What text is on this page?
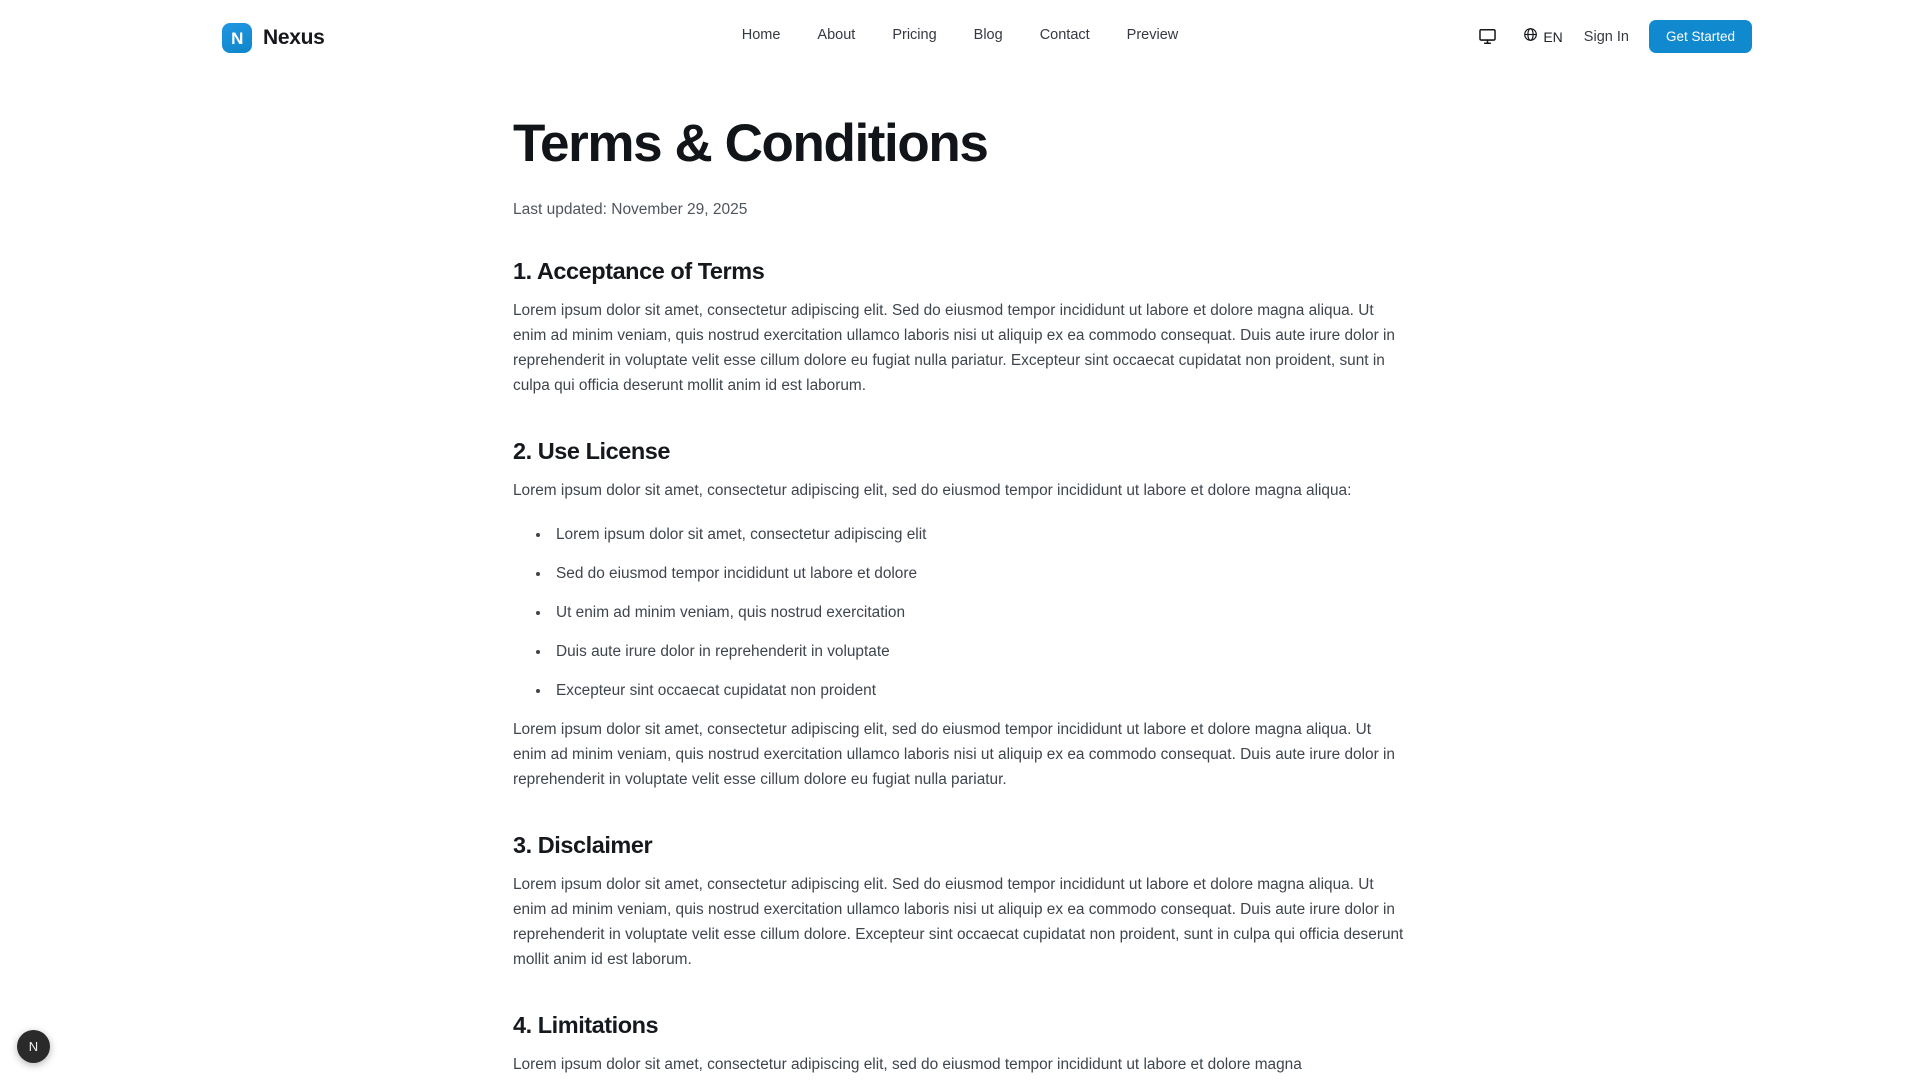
N Nexus	Home	About	Pricing	Blog	Contact	Preview	EN Sign In	Get Started
Terms & Conditions

Last updated: November 29, 2025

1. Acceptance of Terms

Lorem ipsum dolor sit amet, consectetur adipiscing elit. Sed do eiusmod tempor incididunt ut labore et dolore magna aliqua. Ut enim ad minim veniam, quis nostrud exercitation ullamco laboris nisi ut aliquip ex ea commodo consequat. Duis aute irure dolor in reprehenderit in voluptate velit esse cillum dolore eu fugiat nulla pariatur. Excepteur sint occaecat cupidatat non proident, sunt in culpa qui officia deserunt mollit anim id est laborum.

2. Use License

Lorem ipsum dolor sit amet, consectetur adipiscing elit, sed do eiusmod tempor incididunt ut labore et dolore magna aliqua:

Lorem ipsum dolor sit amet, consectetur adipiscing elit
Sed do eiusmod tempor incididunt ut labore et dolore
Ut enim ad minim veniam, quis nostrud exercitation
Duis aute irure dolor in reprehenderit in voluptate
Excepteur sint occaecat cupidatat non proident

Lorem ipsum dolor sit amet, consectetur adipiscing elit, sed do eiusmod tempor incididunt ut labore et dolore magna aliqua. Ut enim ad minim veniam, quis nostrud exercitation ullamco laboris nisi ut aliquip ex ea commodo consequat. Duis aute irure dolor in reprehenderit in voluptate velit esse cillum dolore eu fugiat nulla pariatur.

3. Disclaimer

Lorem ipsum dolor sit amet, consectetur adipiscing elit. Sed do eiusmod tempor incididunt ut labore et dolore magna aliqua. Ut enim ad minim veniam, quis nostrud exercitation ullamco laboris nisi ut aliquip ex ea commodo consequat. Duis aute irure dolor in reprehenderit in voluptate velit esse cillum dolore. Excepteur sint occaecat cupidatat non proident, sunt in culpa qui officia deserunt mollit anim id est laborum.

4. Limitations

Lorem ipsum dolor sit amet, consectetur adipiscing elit, sed do eiusmod tempor incididunt ut labore et dolore magna

N
